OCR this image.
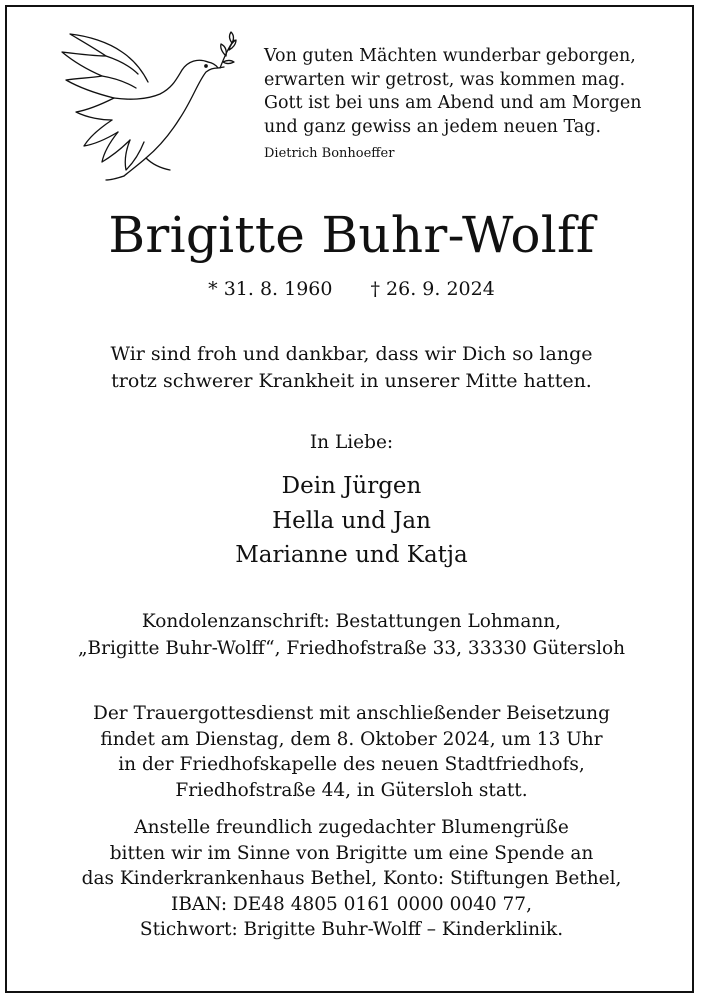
Von guten Mächten wunderbar geborgen,
erwarten wir getrost, was kommen mag.
Gott ist bei uns am Abend und am Morgen
und ganz gewiss an jedem neuen Tag.
Dietrich Bonhoeffer
Brigitte Buhr-Wolff
* 31. 8. 1960 † 26. 9. 2024
Wir sind froh und dankbar, dass wir Dich so lange
trotz schwerer Krankheit in unserer Mitte hatten.
In Liebe:
Dein Jürgen
Hella und Jan
Marianne und Katja
Kondolenzanschrift: Bestattungen Lohmann,
„Brigitte Buhr-Wolff“, Friedhofstraße 33, 33330 Gütersloh
Der Trauergottesdienst mit anschließender Beisetzung
findet am Dienstag, dem 8. Oktober 2024, um 13 Uhr
in der Friedhofskapelle des neuen Stadtfriedhofs,
Friedhofstraße 44, in Gütersloh statt.
Anstelle freundlich zugedachter Blumengrüße
bitten wir im Sinne von Brigitte um eine Spende an
das Kinderkrankenhaus Bethel, Konto: Stiftungen Bethel,
IBAN: DE48 4805 0161 0000 0040 77,
Stichwort: Brigitte Buhr-Wolff – Kinderklinik.
